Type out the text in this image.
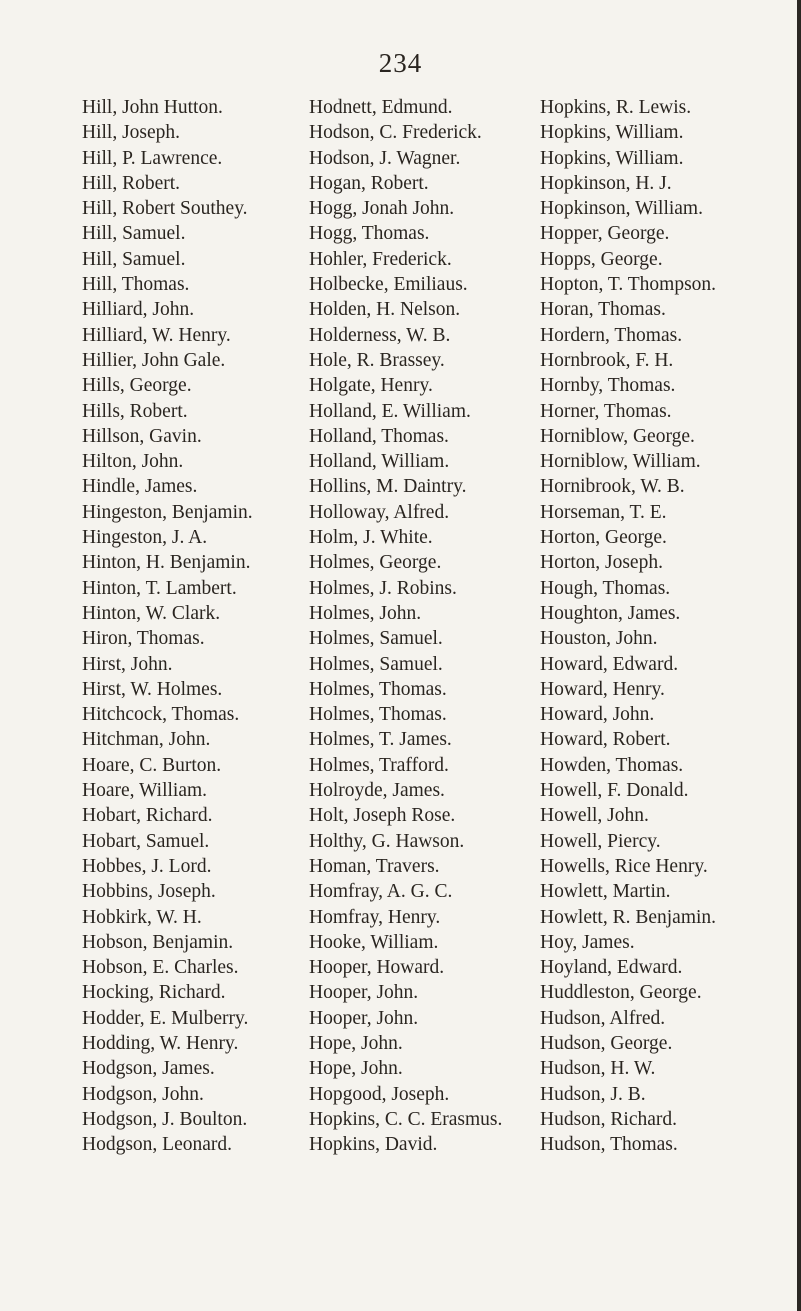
234
Hill, John Hutton.
Hill, Joseph.
Hill, P. Lawrence.
Hill, Robert.
Hill, Robert Southey.
Hill, Samuel.
Hill, Samuel.
Hill, Thomas.
Hilliard, John.
Hilliard, W. Henry.
Hillier, John Gale.
Hills, George.
Hills, Robert.
Hillson, Gavin.
Hilton, John.
Hindle, James.
Hingeston, Benjamin.
Hingeston, J. A.
Hinton, H. Benjamin.
Hinton, T. Lambert.
Hinton, W. Clark.
Hiron, Thomas.
Hirst, John.
Hirst, W. Holmes.
Hitchcock, Thomas.
Hitchman, John.
Hoare, C. Burton.
Hoare, William.
Hobart, Richard.
Hobart, Samuel.
Hobbes, J. Lord.
Hobbins, Joseph.
Hobkirk, W. H.
Hobson, Benjamin.
Hobson, E. Charles.
Hocking, Richard.
Hodder, E. Mulberry.
Hodding, W. Henry.
Hodgson, James.
Hodgson, John.
Hodgson, J. Boulton.
Hodgson, Leonard.
Hodnett, Edmund.
Hodson, C. Frederick.
Hodson, J. Wagner.
Hogan, Robert.
Hogg, Jonah John.
Hogg, Thomas.
Hohler, Frederick.
Holbecke, Emiliaus.
Holden, H. Nelson.
Holderness, W. B.
Hole, R. Brassey.
Holgate, Henry.
Holland, E. William.
Holland, Thomas.
Holland, William.
Hollins, M. Daintry.
Holloway, Alfred.
Holm, J. White.
Holmes, George.
Holmes, J. Robins.
Holmes, John.
Holmes, Samuel.
Holmes, Samuel.
Holmes, Thomas.
Holmes, Thomas.
Holmes, T. James.
Holmes, Trafford.
Holroyde, James.
Holt, Joseph Rose.
Holthy, G. Hawson.
Homan, Travers.
Homfray, A. G. C.
Homfray, Henry.
Hooke, William.
Hooper, Howard.
Hooper, John.
Hooper, John.
Hope, John.
Hope, John.
Hopgood, Joseph.
Hopkins, C. C. Erasmus.
Hopkins, David.
Hopkins, R. Lewis.
Hopkins, William.
Hopkins, William.
Hopkinson, H. J.
Hopkinson, William.
Hopper, George.
Hopps, George.
Hopton, T. Thompson.
Horan, Thomas.
Hordern, Thomas.
Hornbrook, F. H.
Hornby, Thomas.
Horner, Thomas.
Horniblow, George.
Horniblow, William.
Hornibrook, W. B.
Horseman, T. E.
Horton, George.
Horton, Joseph.
Hough, Thomas.
Houghton, James.
Houston, John.
Howard, Edward.
Howard, Henry.
Howard, John.
Howard, Robert.
Howden, Thomas.
Howell, F. Donald.
Howell, John.
Howell, Piercy.
Howells, Rice Henry.
Howlett, Martin.
Howlett, R. Benjamin.
Hoy, James.
Hoyland, Edward.
Huddleston, George.
Hudson, Alfred.
Hudson, George.
Hudson, H. W.
Hudson, J. B.
Hudson, Richard.
Hudson, Thomas.
